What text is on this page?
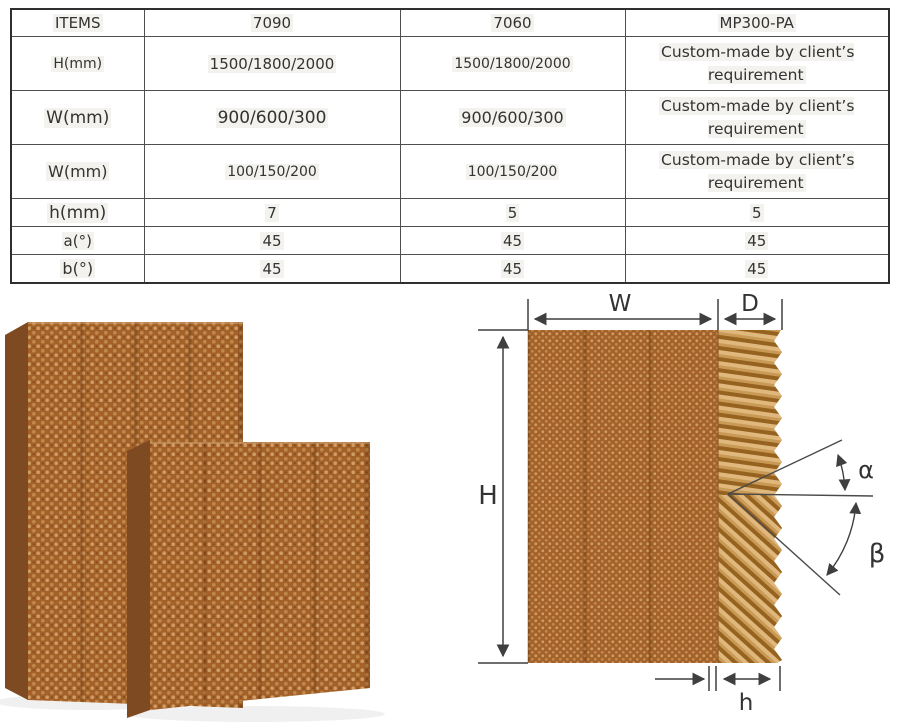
ITEMS	7090	7060	MP300-PA
H(mm)	1500/1800/2000	1500/1800/2000	Custom-made by client’s requirement
W(mm)	900/600/300	900/600/300	Custom-made by client’s requirement
W(mm)	100/150/200	100/150/200	Custom-made by client’s requirement
h(mm)	7	5	5
a(°)	45	45	45
b(°)	45	45	45
W	D
H
h
α
β
